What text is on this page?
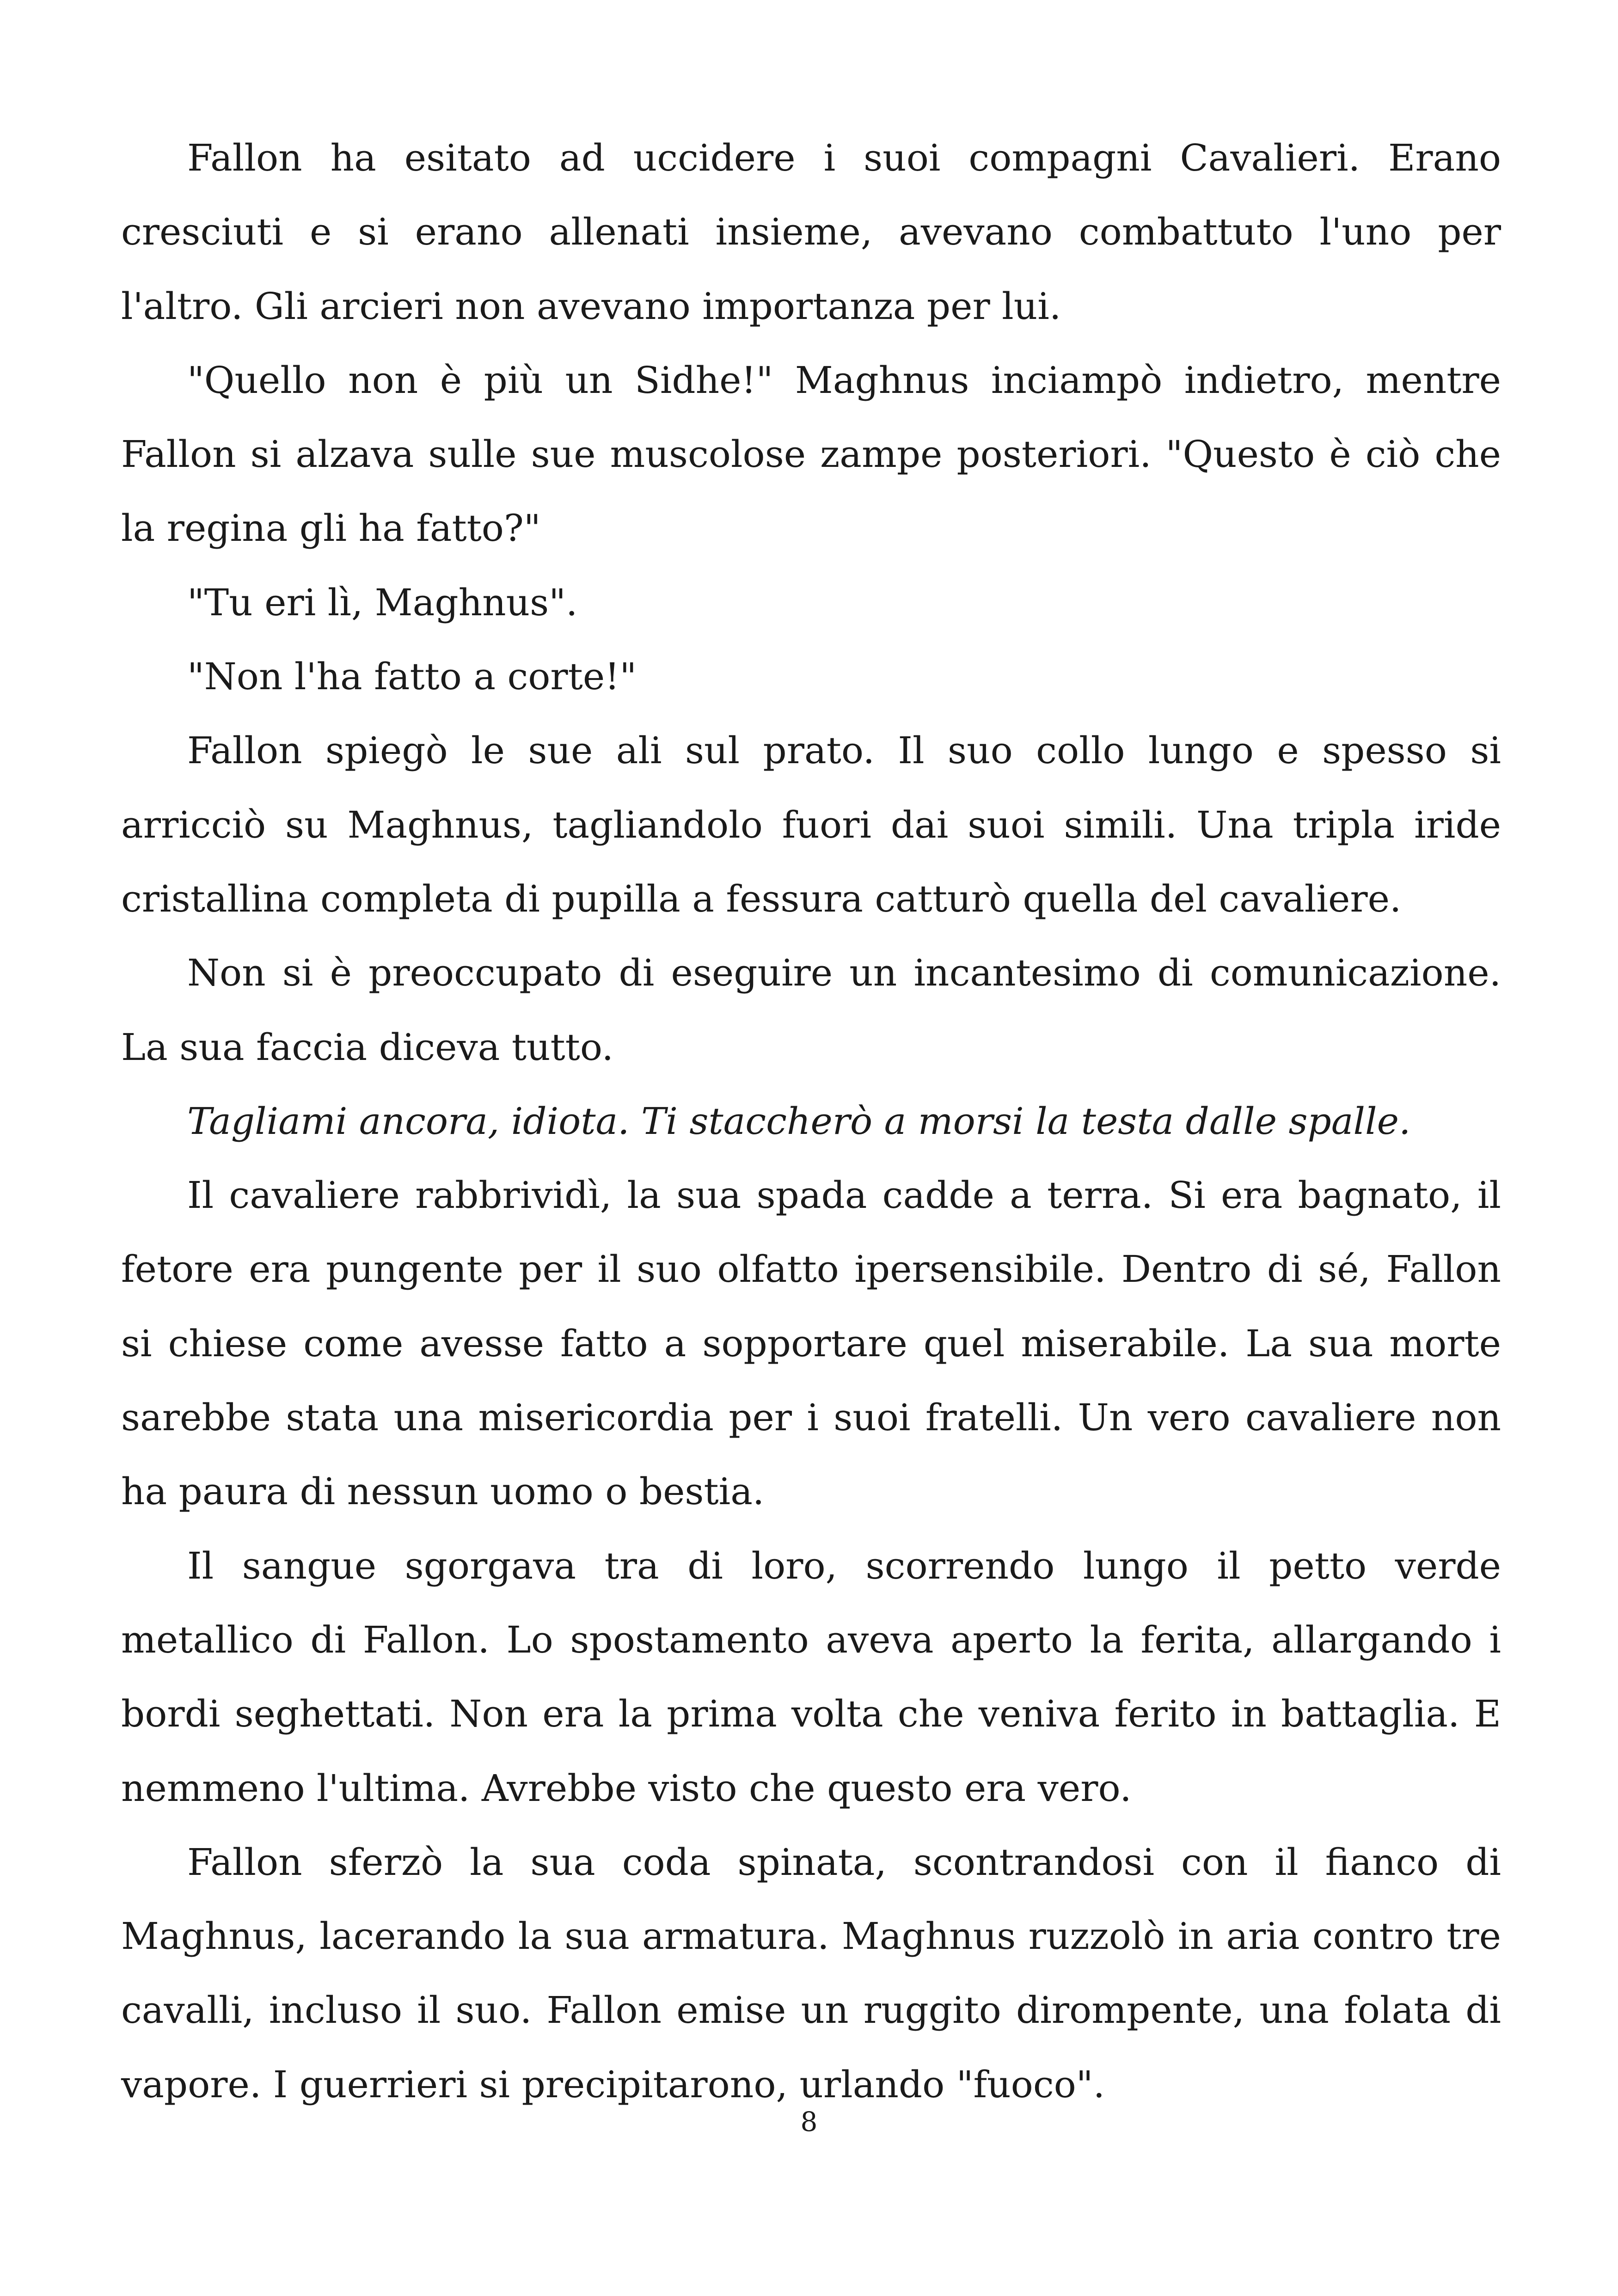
Fallon ha esitato ad uccidere i suoi compagni Cavalieri. Erano cresciuti e si erano allenati insieme, avevano combattuto l'uno per l'altro. Gli arcieri non avevano importanza per lui.

"Quello non è più un Sidhe!" Maghnus inciampò indietro, mentre Fallon si alzava sulle sue muscolose zampe posteriori. "Questo è ciò che la regina gli ha fatto?"

"Tu eri lì, Maghnus".

"Non l'ha fatto a corte!"

Fallon spiegò le sue ali sul prato. Il suo collo lungo e spesso si arricciò su Maghnus, tagliandolo fuori dai suoi simili. Una tripla iride cristallina completa di pupilla a fessura catturò quella del cavaliere.

Non si è preoccupato di eseguire un incantesimo di comunicazione. La sua faccia diceva tutto.

Tagliami ancora, idiota. Ti staccherò a morsi la testa dalle spalle.

Il cavaliere rabbrividì, la sua spada cadde a terra. Si era bagnato, il fetore era pungente per il suo olfatto ipersensibile. Dentro di sé, Fallon si chiese come avesse fatto a sopportare quel miserabile. La sua morte sarebbe stata una misericordia per i suoi fratelli. Un vero cavaliere non ha paura di nessun uomo o bestia.

Il sangue sgorgava tra di loro, scorrendo lungo il petto verde metallico di Fallon. Lo spostamento aveva aperto la ferita, allargando i bordi seghettati. Non era la prima volta che veniva ferito in battaglia. E nemmeno l'ultima. Avrebbe visto che questo era vero.

Fallon sferzò la sua coda spinata, scontrandosi con il fianco di Maghnus, lacerando la sua armatura. Maghnus ruzzolò in aria contro tre cavalli, incluso il suo. Fallon emise un ruggito dirompente, una folata di vapore. I guerrieri si precipitarono, urlando "fuoco".

8
